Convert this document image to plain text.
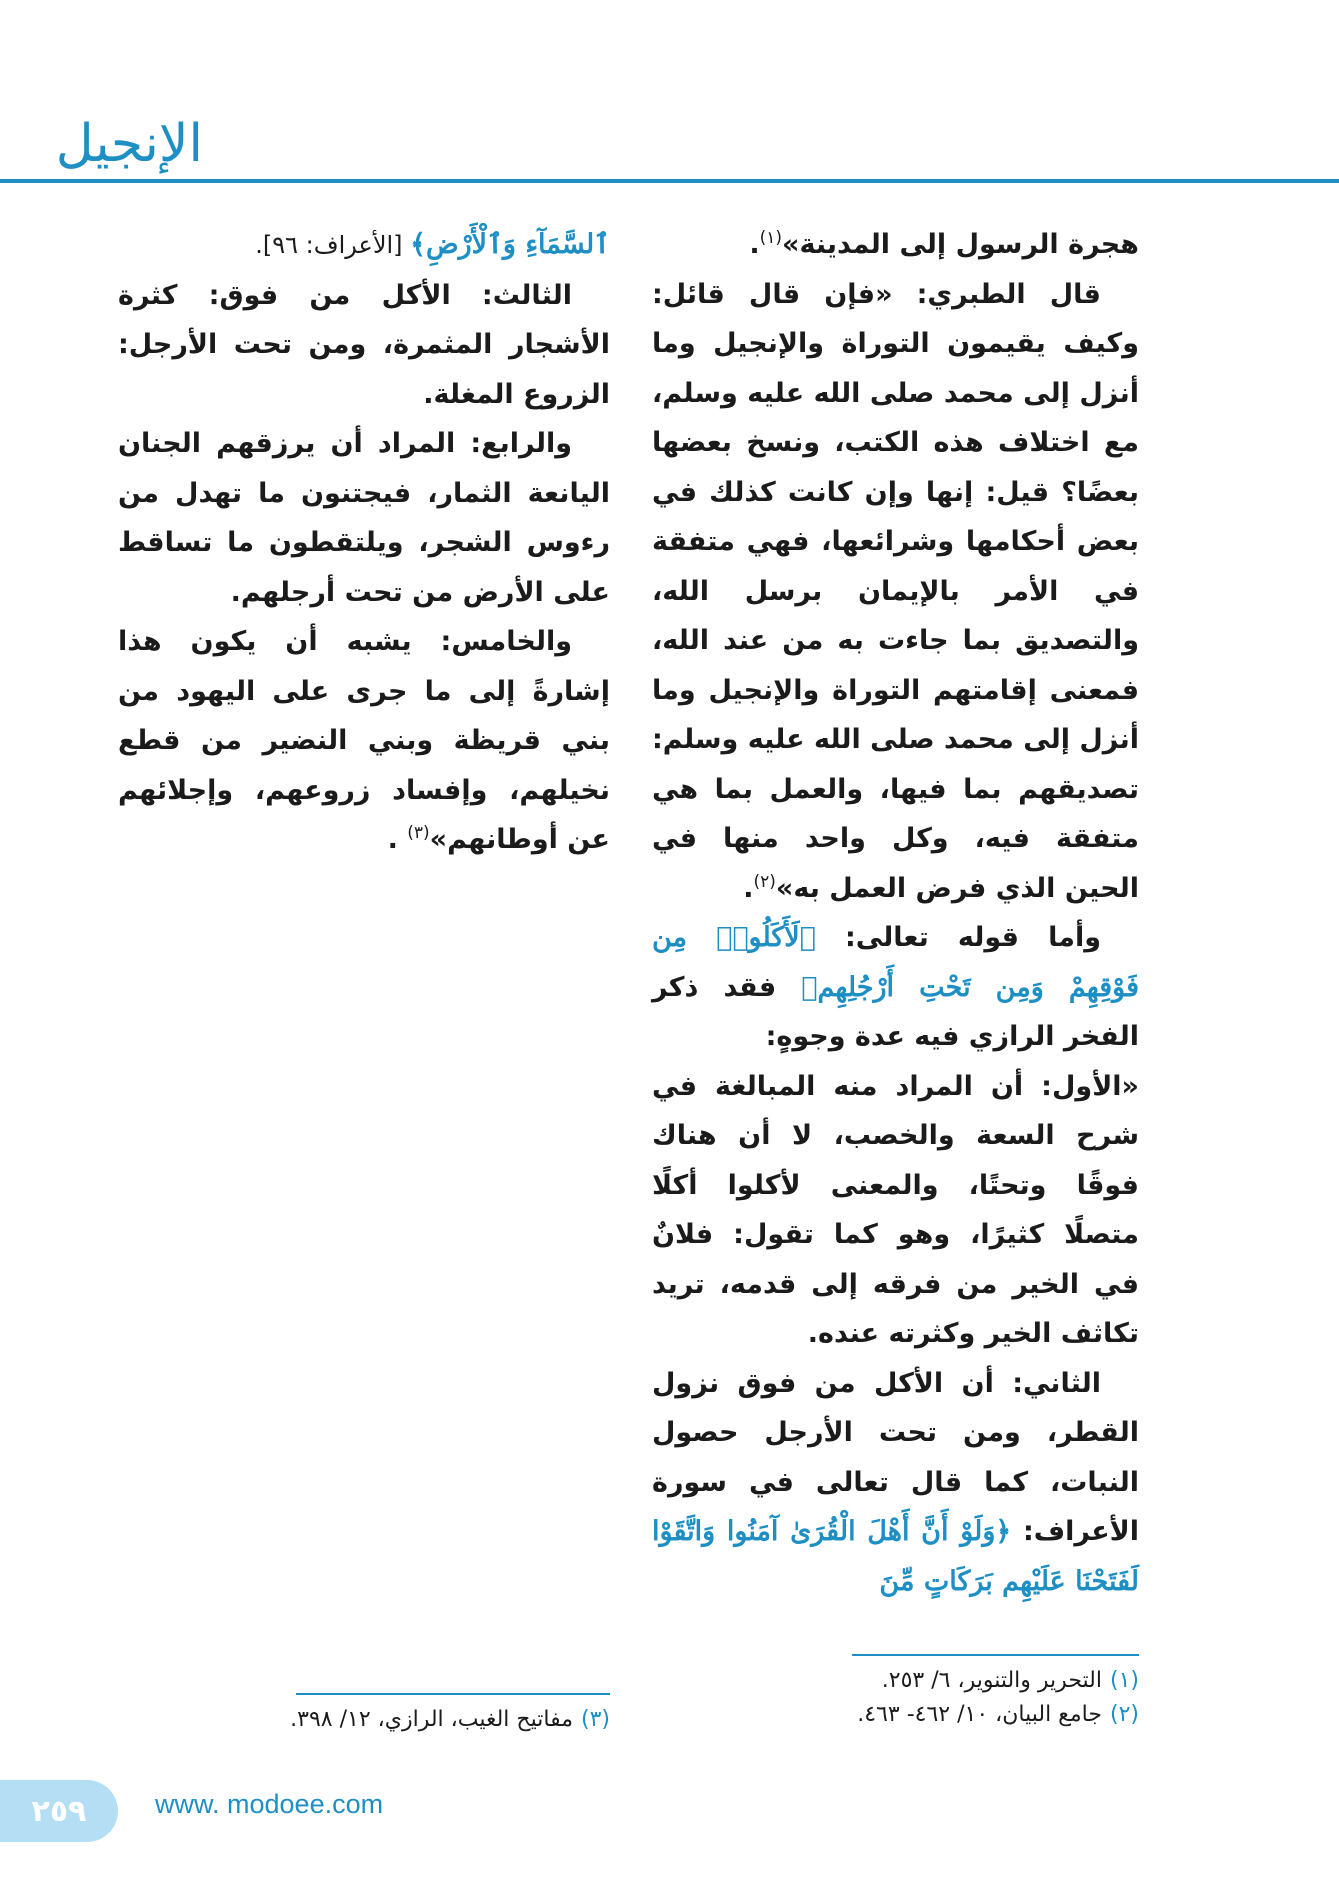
الإنجيل

هجرة الرسول إلى المدينة»$^{(١)}$.

قال الطبري: «فإن قال قائل: وكيف يقيمون التوراة والإنجيل وما أنزل إلى محمد صلى الله عليه وسلم، مع اختلاف هذه الكتب، ونسخ بعضها بعضًا؟ قيل: إنها وإن كانت كذلك في بعض أحكامها وشرائعها، فهي متفقة في الأمر بالإيمان برسل الله، والتصديق بما جاءت به من عند الله، فمعنى إقامتهم التوراة والإنجيل وما أنزل إلى محمد صلى الله عليه وسلم: تصديقهم بما فيها، والعمل بما هي متفقة فيه، وكل واحد منها في الحين الذي فرض العمل به»$^{(٢)}$.

وأما قوله تعالى: ﴿لَأَكَلُوا۟ مِن فَوْقِهِمْ وَمِن تَحْتِ أَرْجُلِهِم﴾ فقد ذكر الفخر الرازي فيه عدة وجوهٍ:

«الأول: أن المراد منه المبالغة في شرح السعة والخصب، لا أن هناك فوقًا وتحتًا، والمعنى لأكلوا أكلًا متصلًا كثيرًا، وهو كما تقول: فلانٌ في الخير من فرقه إلى قدمه، تريد تكاثف الخير وكثرته عنده.

الثاني: أن الأكل من فوق نزول القطر، ومن تحت الأرجل حصول النبات، كما قال تعالى في سورة الأعراف: ﴿وَلَوْ أَنَّ أَهْلَ الْقُرَىٰ آمَنُوا وَاتَّقَوْا لَفَتَحْنَا عَلَيْهِم بَرَكَاتٍ مِّنَ

ٱلسَّمَآءِ وَٱلْأَرْضِ﴾ [الأعراف: ٩٦].

الثالث: الأكل من فوق: كثرة الأشجار المثمرة، ومن تحت الأرجل: الزروع المغلة.

والرابع: المراد أن يرزقهم الجنان اليانعة الثمار، فيجتنون ما تهدل من رءوس الشجر، ويلتقطون ما تساقط على الأرض من تحت أرجلهم.

والخامس: يشبه أن يكون هذا إشارةً إلى ما جرى على اليهود من بني قريظة وبني النضير من قطع نخيلهم، وإفساد زروعهم، وإجلائهم عن أوطانهم»$^{(٣)}$ .

(١)التحرير والتنوير، ٦/ ٢٥٣.
(٢)جامع البيان، ١٠/ ٤٦٢- ٤٦٣.
(٣)مفاتيح الغيب، الرازي، ١٢/ ٣٩٨.
٢٥٩	www. modoee.com
